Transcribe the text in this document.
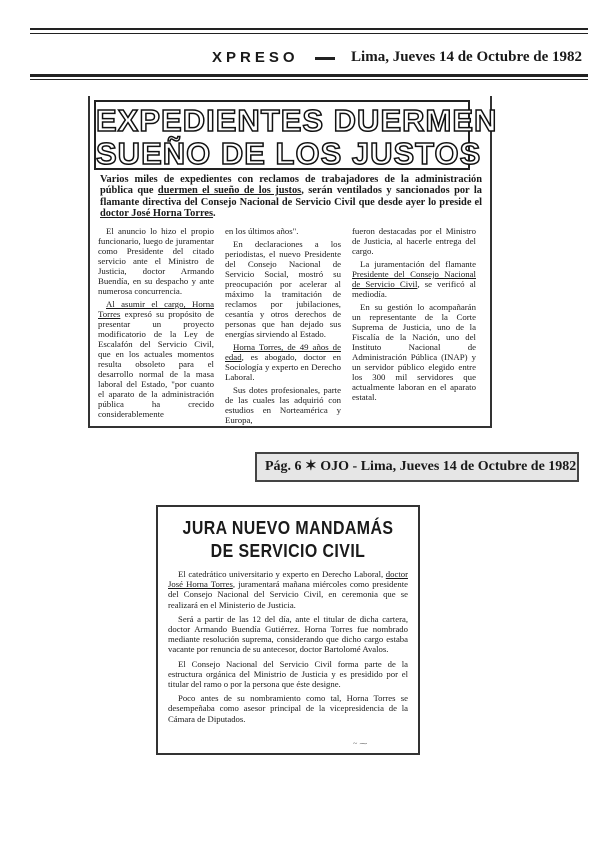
XPRESO	Lima, Jueves 14 de Octubre de 1982
EXPEDIENTES DUERMEN
SUEÑO DE LOS JUSTOS

Varios miles de expedientes con reclamos de trabajadores de la administración pública que duermen el sueño de los justos, serán ventilados y sancionados por la flamante directiva del Consejo Nacional de Servicio Civil que desde ayer lo preside el doctor José Horna Torres.

El anuncio lo hizo el propio funcionario, luego de juramentar como Presidente del citado servicio ante el Ministro de Justicia, doctor Armando Buendía, en su despacho y ante numerosa concurrencia.

Al asumir el cargo, Horna Torres expresó su propósito de presentar un proyecto modificatorio de la Ley de Escalafón del Servicio Civil, que en los actuales momentos resulta obsoleto para el desarrollo normal de la masa laboral del Estado, "por cuanto el aparato de la administración pública ha crecido considerablemente

en los últimos años".

En declaraciones a los periodistas, el nuevo Presidente del Consejo Nacional de Servicio Social, mostró su preocupación por acelerar al máximo la tramitación de reclamos por jubilaciones, cesantía y otros derechos de personas que han dejado sus energías sirviendo al Estado.

Horna Torres, de 49 años de edad, es abogado, doctor en Sociología y experto en Derecho Laboral.

Sus dotes profesionales, parte de las cuales las adquirió con estudios en Norteamérica y Europa,

fueron destacadas por el Ministro de Justicia, al hacerle entrega del cargo.

La juramentación del flamante Presidente del Consejo Nacional de Servicio Civil, se verificó al mediodía.

En su gestión lo acompañarán un representante de la Corte Suprema de Justicia, uno de la Fiscalía de la Nación, uno del Instituto Nacional de Administración Pública (INAP) y un servidor público elegido entre los 300 mil servidores que actualmente laboran en el aparato estatal.

Pág. 6 ✶ OJO - Lima, Jueves 14 de Octubre de 1982
JURA NUEVO MANDAMÁS
DE SERVICIO CIVIL

El catedrático universitario y experto en Derecho Laboral, doctor José Horna Torres, juramentará mañana miércoles como presidente del Consejo Nacional del Servicio Civil, en ceremonia que se realizará en el Ministerio de Justicia.

Será a partir de las 12 del día, ante el titular de dicha cartera, doctor Armando Buendía Gutiérrez. Horna Torres fue nombrado mediante resolución suprema, considerando que dicho cargo estaba vacante por renuncia de su antecesor, doctor Bartolomé Avalos.

El Consejo Nacional del Servicio Civil forma parte de la estructura orgánica del Ministrio de Justicia y es presidido por el titular del ramo o por la persona que éste designe.

Poco antes de su nombramiento como tal, Horna Torres se desempeñaba como asesor principal de la vicepresidencia de la Cámara de Diputados.

~ ⁓
